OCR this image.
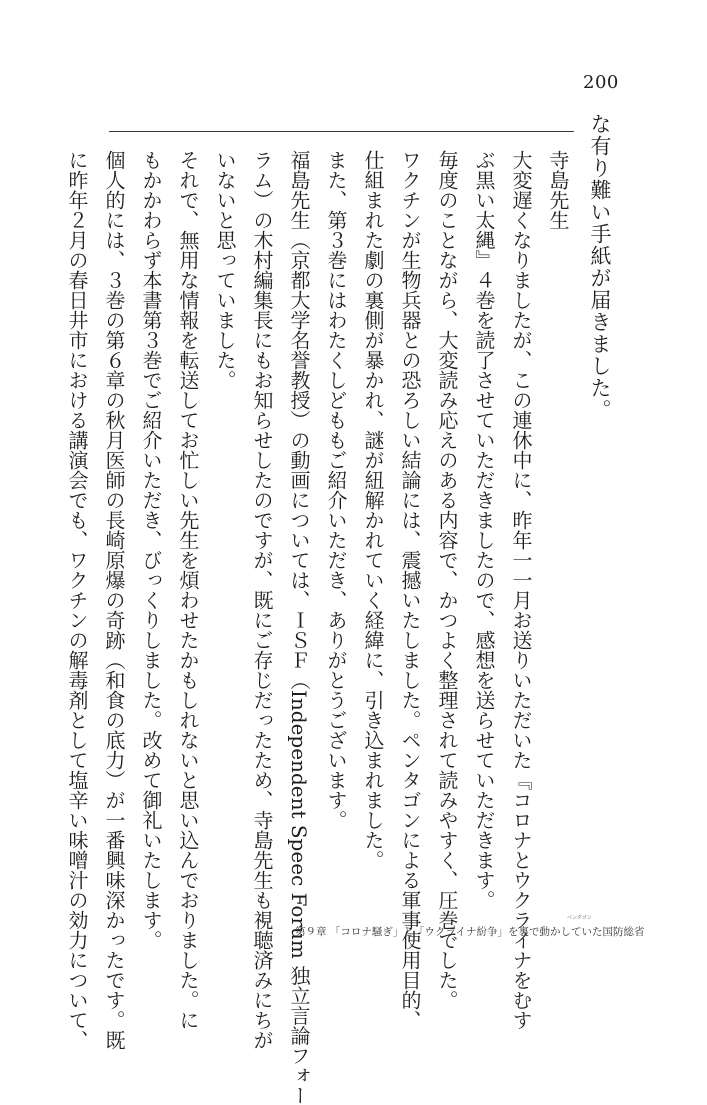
200
な有り難い手紙が届きました。
寺島先生
大変遅くなりましたが、この連休中に、昨年一一月お送りいただいた『コロナとウクライナをむす
ぶ黒い太縄』４巻を読了させていただきましたので、感想を送らせていただきます。
毎度のことながら、大変読み応えのある内容で、かつよく整理されて読みやすく、圧巻でした。
ワクチンが生物兵器との恐ろしい結論には、震撼いたしました。ペンタゴンによる軍事使用目的、
仕組まれた劇の裏側が暴かれ、謎が紐解かれていく経緯に、引き込まれました。
また、第３巻にはわたくしどももご紹介いただき、ありがとうございます。
福島先生（京都大学名誉教授）の動画については、ＩＳＦ（Independent Speec Forum 独立言論フォー
ラム）の木村編集長にもお知らせしたのですが、既にご存じだったため、寺島先生も視聴済みにちが
いないと思っていました。
それで、無用な情報を転送してお忙しい先生を煩わせたかもしれないと思い込んでおりました。に
もかかわらず本書第３巻でご紹介いただき、びっくりしました。改めて御礼いたします。
個人的には、３巻の第６章の秋月医師の長崎原爆の奇跡（和食の底力）が一番興味深かったです。既
に昨年２月の春日井市における講演会でも、ワクチンの解毒剤として塩辛い味噌汁の効力について、	ペンタゴン
第９章 「コロナ騒ぎ」と「ウクライナ紛争」を裏で動かしていた国防総省
